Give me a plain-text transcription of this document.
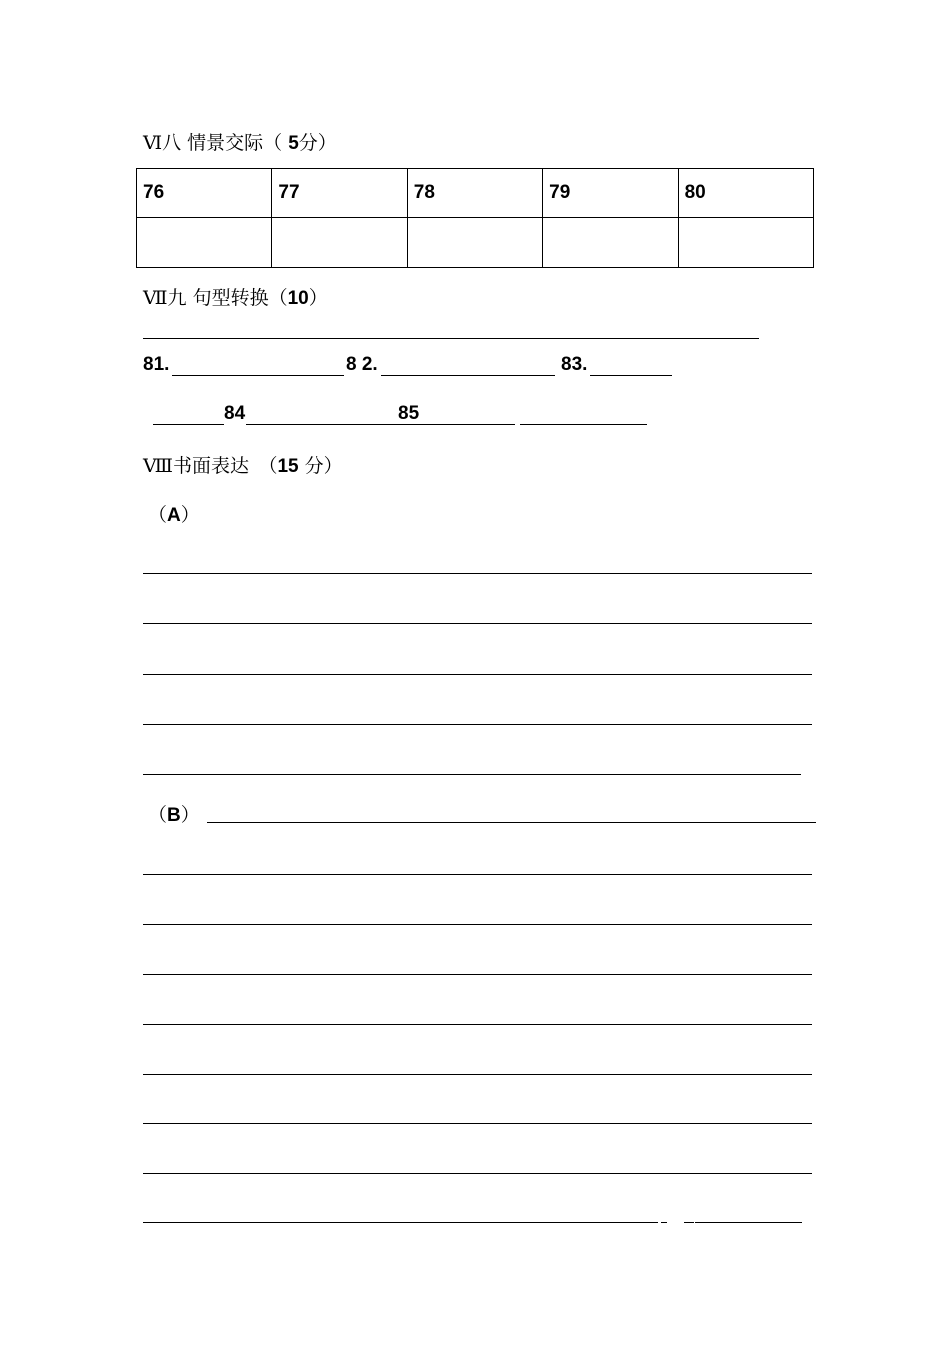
Ⅵ八 情景交际（ 5分）
76	77	78	79	80

Ⅶ九 句型转换（10）
81.	8 2.	83.
84	85
Ⅷ书面表达　（15 分）
（A）
（B）
